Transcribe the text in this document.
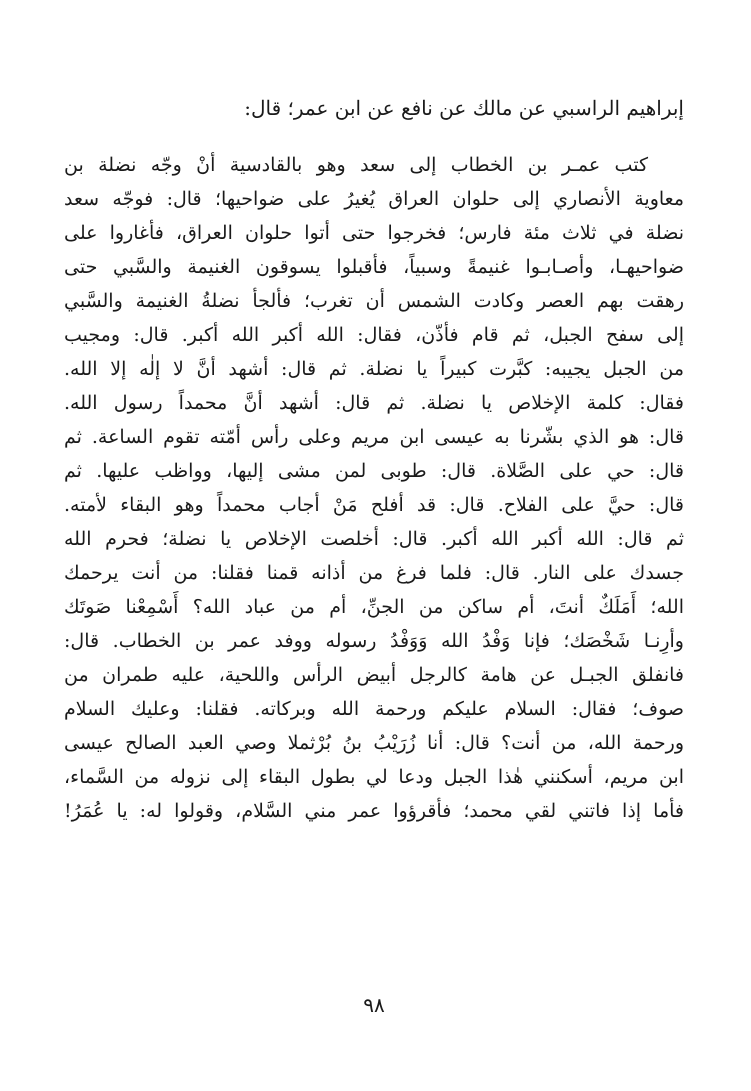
إبراهيم الراسبي عن مالك عن نافع عن ابن عمر؛ قال:

كتب عمـر بن الخطاب إلى سعد وهو بالقادسية أنْ وجّه نضلة بن
معاوية الأنصاري إلى حلوان العراق يُغيرُ على ضواحيها؛ قال: فوجّه سعد
نضلة في ثلاث مئة فارس؛ فخرجوا حتى أتوا حلوان العراق، فأغاروا على
ضواحيهـا، وأصـابـوا غنيمةً وسبياً، فأقبلوا يسوقون الغنيمة والسَّبي حتى
رهقت بهم العصر وكادت الشمس أن تغرب؛ فألجأ نضلةُ الغنيمة والسَّبي
إلى سفح الجبل، ثم قام فأذّن، فقال: الله أكبر الله أكبر. قال: ومجيب
من الجبل يجيبه: كبَّرت كبيراً يا نضلة. ثم قال: أشهد أنَّ لا إلٰه إلا الله.
فقال: كلمة الإخلاص يا نضلة. ثم قال: أشهد أنَّ محمداً رسول الله.
قال: هو الذي بشّرنا به عيسى ابن مريم وعلى رأس أمّته تقوم الساعة. ثم
قال: حي على الصَّلاة. قال: طوبى لمن مشى إليها، وواظب عليها. ثم
قال: حيَّ على الفلاح. قال: قد أفلح مَنْ أجاب محمداً وهو البقاء لأمته.
ثم قال: الله أكبر الله أكبر. قال: أخلصت الإخلاص يا نضلة؛ فحرم الله
جسدك على النار. قال: فلما فرغ من أذانه قمنا فقلنا: من أنت يرحمك
الله؛ أَمَلَكٌ أنتَ، أم ساكن من الجنِّ، أم من عباد الله؟ أَسْمِعْنا صَوتَك
وأرِنـا شَخْصَك؛ فإنا وَفْدُ الله وَوَفْدُ رسوله ووفد عمر بن الخطاب. قال:
فانفلق الجبـل عن هامة كالرجل أبيض الرأس واللحية، عليه طمران من
صوف؛ فقال: السلام عليكم ورحمة الله وبركاته. فقلنا: وعليك السلام
ورحمة الله، من أنت؟ قال: أنا زُرَيْبُ بنُ بُرْثملا وصي العبد الصالح عيسى
ابن مريم، أسكنني هٰذا الجبل ودعا لي بطول البقاء إلى نزوله من السَّماء،
فأما إذا فاتني لقي محمد؛ فأقرؤوا عمر مني السَّلام، وقولوا له: يا عُمَرُ!
٩٨
